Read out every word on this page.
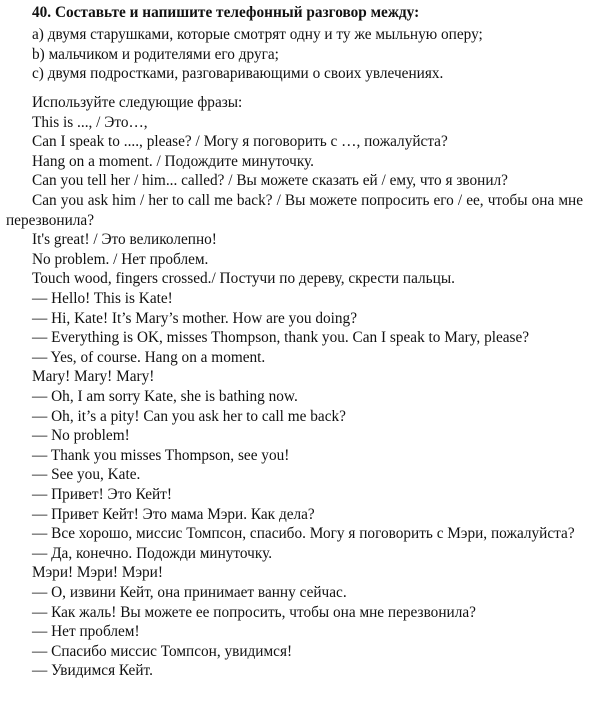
40. Составьте и напишите телефонный разговор между:
a) двумя старушками, которые смотрят одну и ту же мыльную оперу;
b) мальчиком и родителями его друга;
c) двумя подростками, разговаривающими о своих увлечениях.
Используйте следующие фразы:
This is ..., / Это…,
Can I speak to ...., please? / Могу я поговорить с …, пожалуйста?
Hang on a moment. / Подождите минуточку.
Can you tell her / him... called? / Вы можете сказать ей / ему, что я звонил?
Can you ask him / her to call me back? / Вы можете попросить его / ее, чтобы она мне перезвонила?
It's great! / Это великолепно!
No problem. / Нет проблем.
Touch wood, fingers crossed./ Постучи по дереву, скрести пальцы.
— Hello! This is Kate!
— Hi, Kate! It’s Mary’s mother. How are you doing?
— Everything is OK, misses Thompson, thank you. Can I speak to Mary, please?
— Yes, of course. Hang on a moment.
Mary! Mary! Mary!
— Oh, I am sorry Kate, she is bathing now.
— Oh, it’s a pity! Can you ask her to call me back?
— No problem!
— Thank you misses Thompson, see you!
— See you, Kate.
— Привет! Это Кейт!
— Привет Кейт! Это мама Мэри. Как дела?
— Все хорошо, миссис Томпсон, спасибо. Могу я поговорить с Мэри, пожалуйста?
— Да, конечно. Подожди минуточку.
Мэри! Мэри! Мэри!
— О, извини Кейт, она принимает ванну сейчас.
— Как жаль! Вы можете ее попросить, чтобы она мне перезвонила?
— Нет проблем!
— Спасибо миссис Томпсон, увидимся!
— Увидимся Кейт.
